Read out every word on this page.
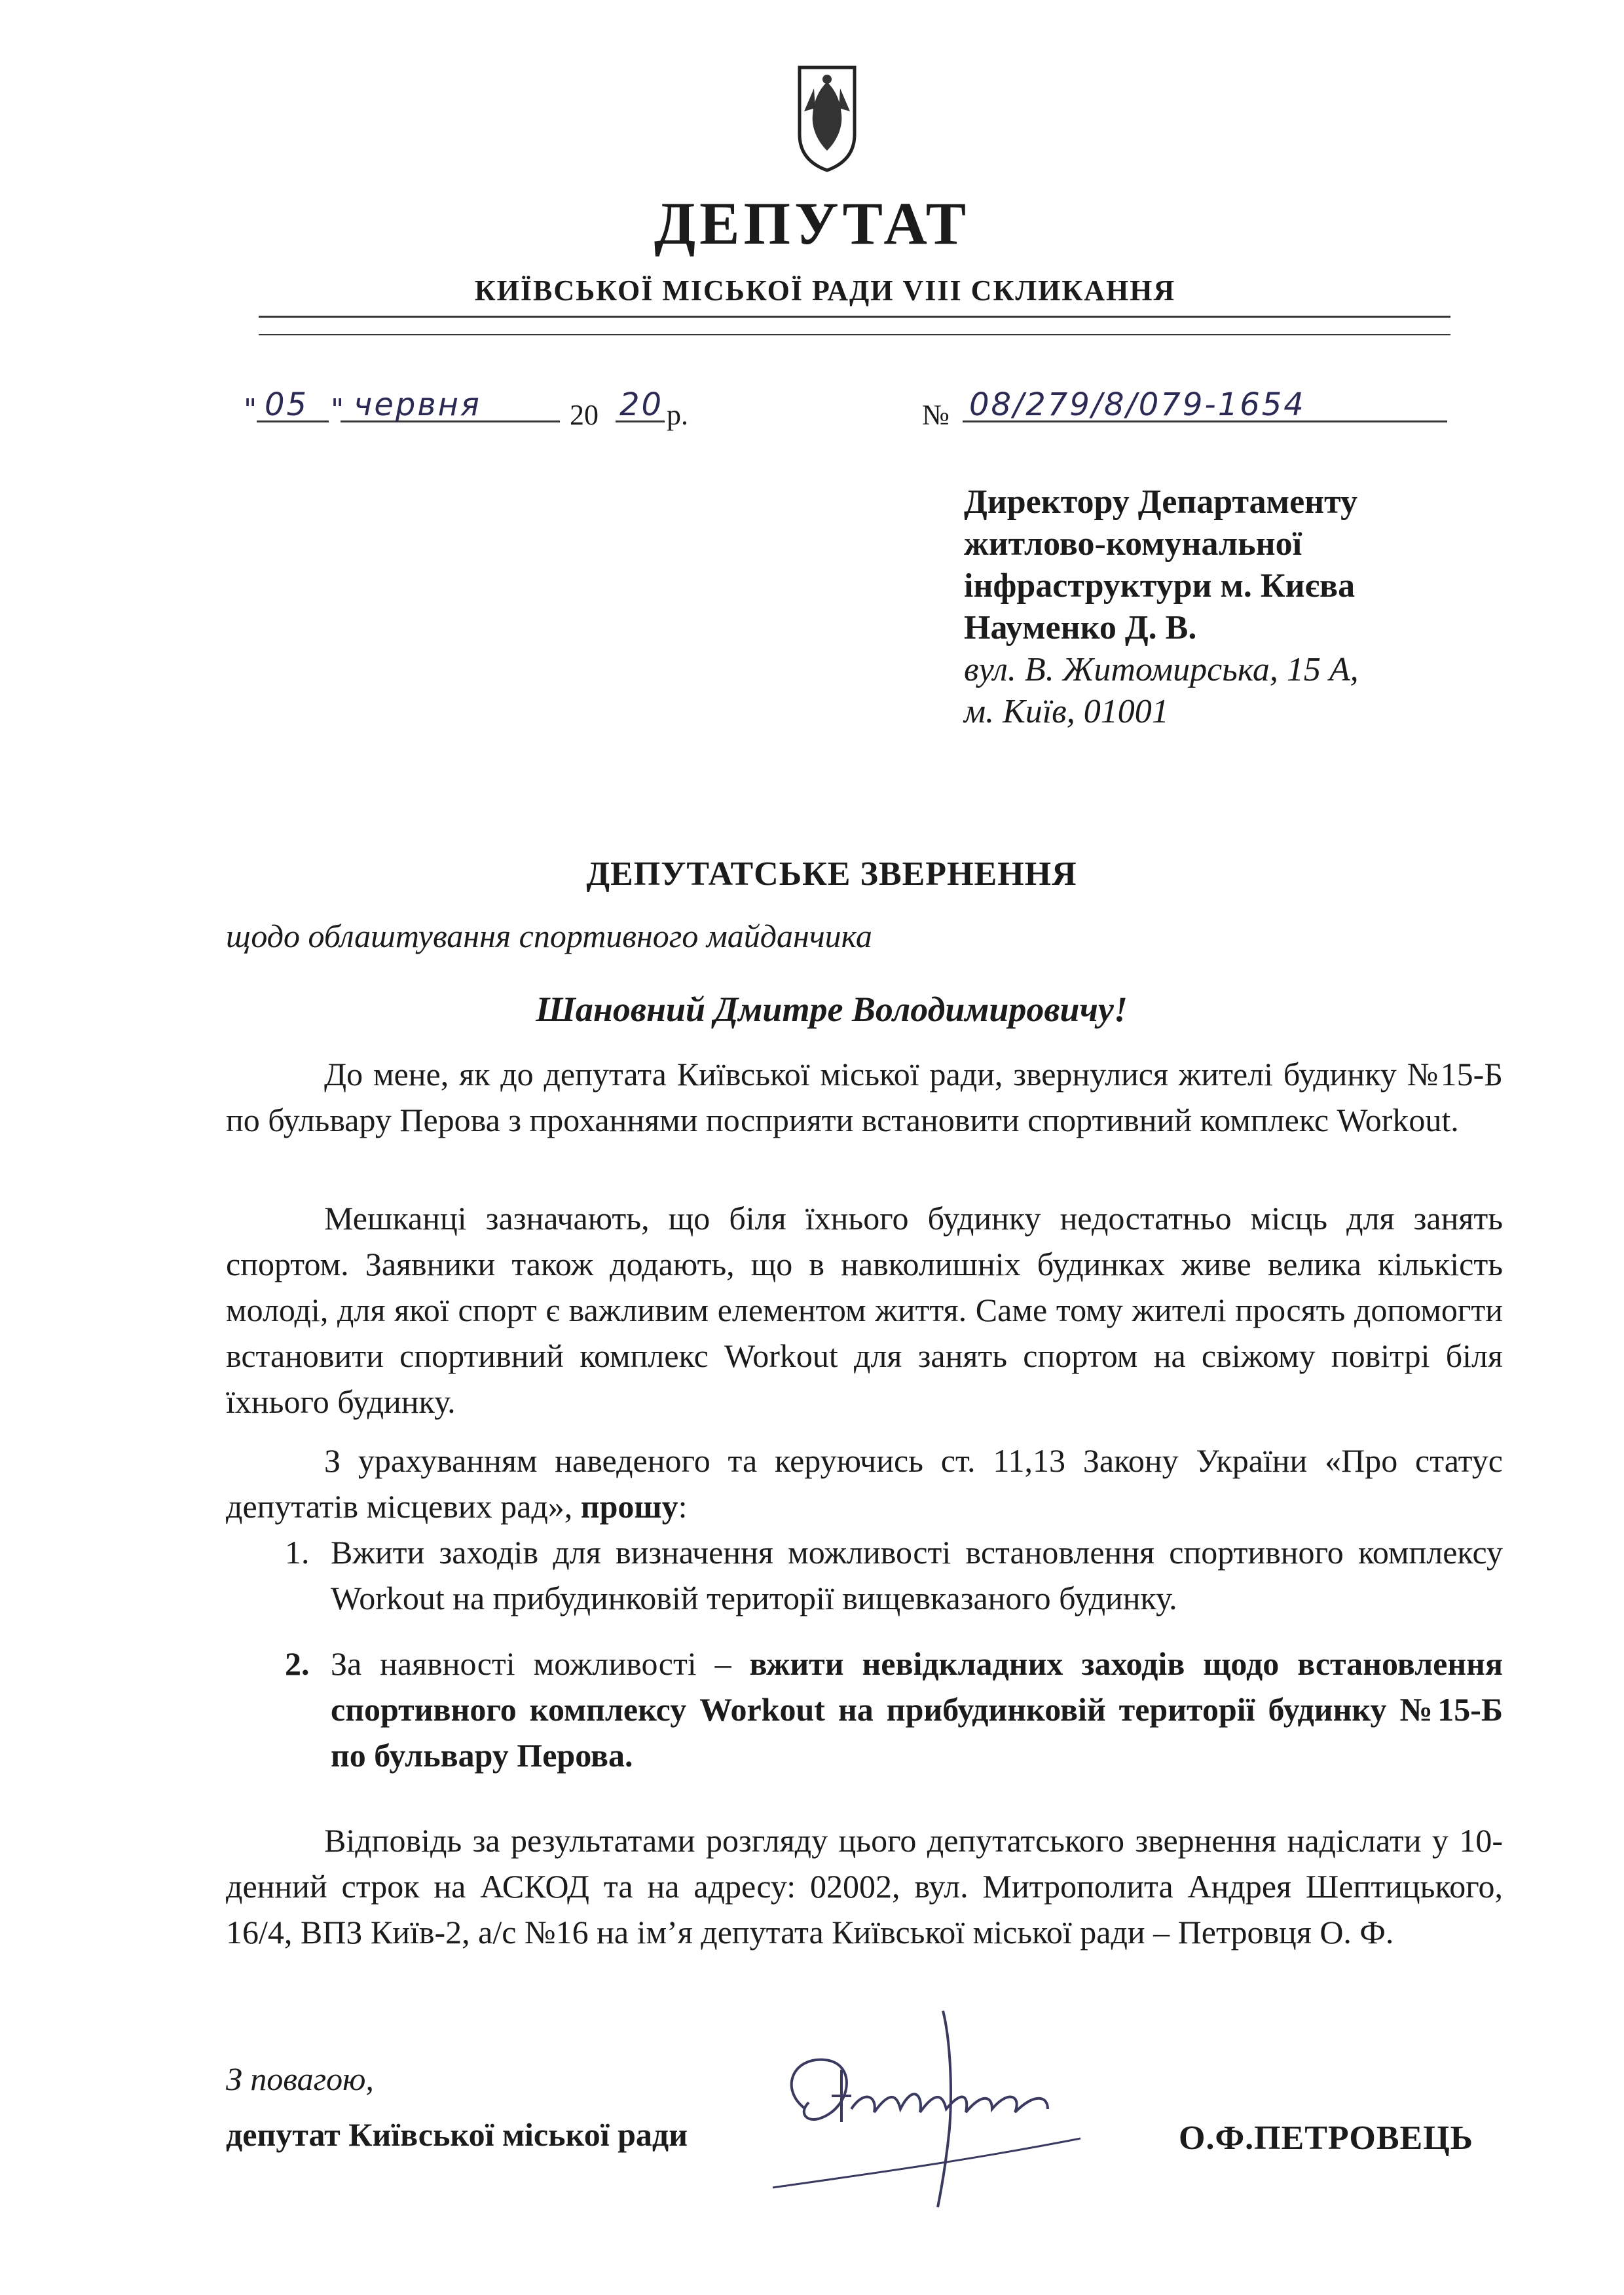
ДЕПУТАТ
КИЇВСЬКОЇ МІСЬКОЇ РАДИ VIII СКЛИКАННЯ
" 05 " червня	20 20 р.	№ 08/279/8/079-1654
Директору Департаменту
житлово-комунальної
інфраструктури м. Києва
Науменко Д. В.
вул. В. Житомирська, 15 А,
м. Київ, 01001
ДЕПУТАТСЬКЕ ЗВЕРНЕННЯ
щодо облаштування спортивного майданчика
Шановний Дмитре Володимировичу!

До мене, як до депутата Київської міської ради, звернулися жителі будинку №15-Б по бульвару Перова з проханнями посприяти встановити спортивний комплекс Workout.

Мешканці зазначають, що біля їхнього будинку недостатньо місць для занять спортом. Заявники також додають, що в навколишніх будинках живе велика кількість молоді, для якої спорт є важливим елементом життя. Саме тому жителі просять допомогти встановити спортивний комплекс Workout для занять спортом на свіжому повітрі біля їхнього будинку.

З урахуванням наведеного та керуючись ст. 11,13 Закону України «Про статус депутатів місцевих рад», прошу:

1. Вжити заходів для визначення можливості встановлення спортивного комплексу Workout на прибудинковій території вищевказаного будинку.
2. За наявності можливості – вжити невідкладних заходів щодо встановлення спортивного комплексу Workout на прибудинковій території будинку №15-Б по бульвару Перова.

Відповідь за результатами розгляду цього депутатського звернення надіслати у 10-денний строк на АСКОД та на адресу: 02002, вул. Митрополита Андрея Шептицького, 16/4, ВПЗ Київ-2, а/с №16 на ім’я депутата Київської міської ради – Петровця О. Ф.

З повагою,
депутат Київської міської ради	О.Ф.ПЕТРОВЕЦЬ
